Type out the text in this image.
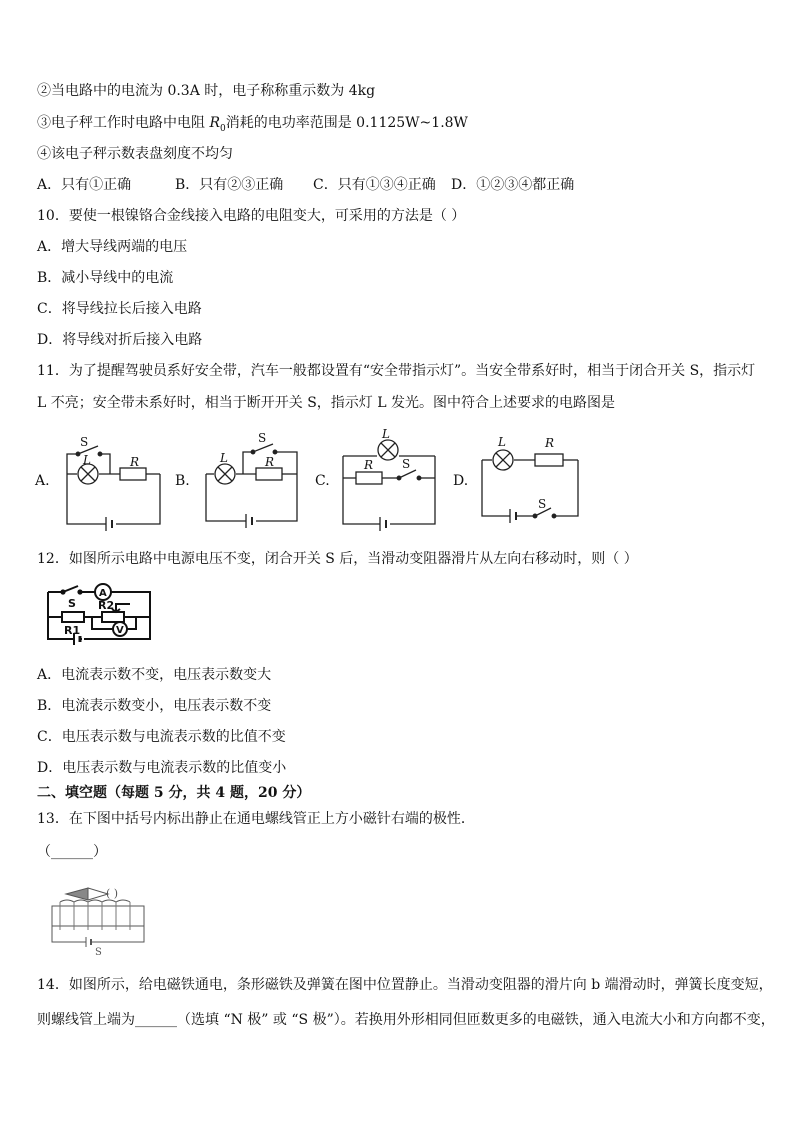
②当电路中的电流为 0.3A 时，电子称称重示数为 4kg
③电子秤工作时电路中电阻 $R_0$消耗的电功率范围是 0.1125W~1.8W
④该电子秤示数表盘刻度不均匀
A．只有①正确	B．只有②③正确 C．只有①③④正确 D．①②③④都正确
10．要使一根镍铬合金线接入电路的电阻变大，可采用的方法是（ ）
A．增大导线两端的电压
B．减小导线中的电流
C．将导线拉长后接入电路
D．将导线对折后接入电路
11．为了提醒驾驶员系好安全带，汽车一般都设置有“安全带指示灯”。当安全带系好时，相当于闭合开关 S，指示灯
L 不亮；安全带未系好时，相当于断开开关 S，指示灯 L 发光。图中符合上述要求的电路图是
A.
S
L	R
B.
S
L	R
C.
L
R S
D.
L	R
S
12．如图所示电路中电源电压不变，闭合开关 S 后，当滑动变阻器滑片从左向右移动时，则（ ）
A
V
S
R1
R2
A．电流表示数不变，电压表示数变大
B．电流表示数变小，电压表示数不变
C．电压表示数与电流表示数的比值不变
D．电压表示数与电流表示数的比值变小
二、填空题（每题 5 分，共 4 题，20 分）
13．在下图中括号内标出静止在通电螺线管正上方小磁针右端的极性．
（______）
( )
S
14．如图所示，给电磁铁通电，条形磁铁及弹簧在图中位置静止。当滑动变阻器的滑片向 b 端滑动时，弹簧长度变短，
则螺线管上端为______（选填 “N 极” 或 “S 极”）。若换用外形相同但匝数更多的电磁铁，通入电流大小和方向都不变，
